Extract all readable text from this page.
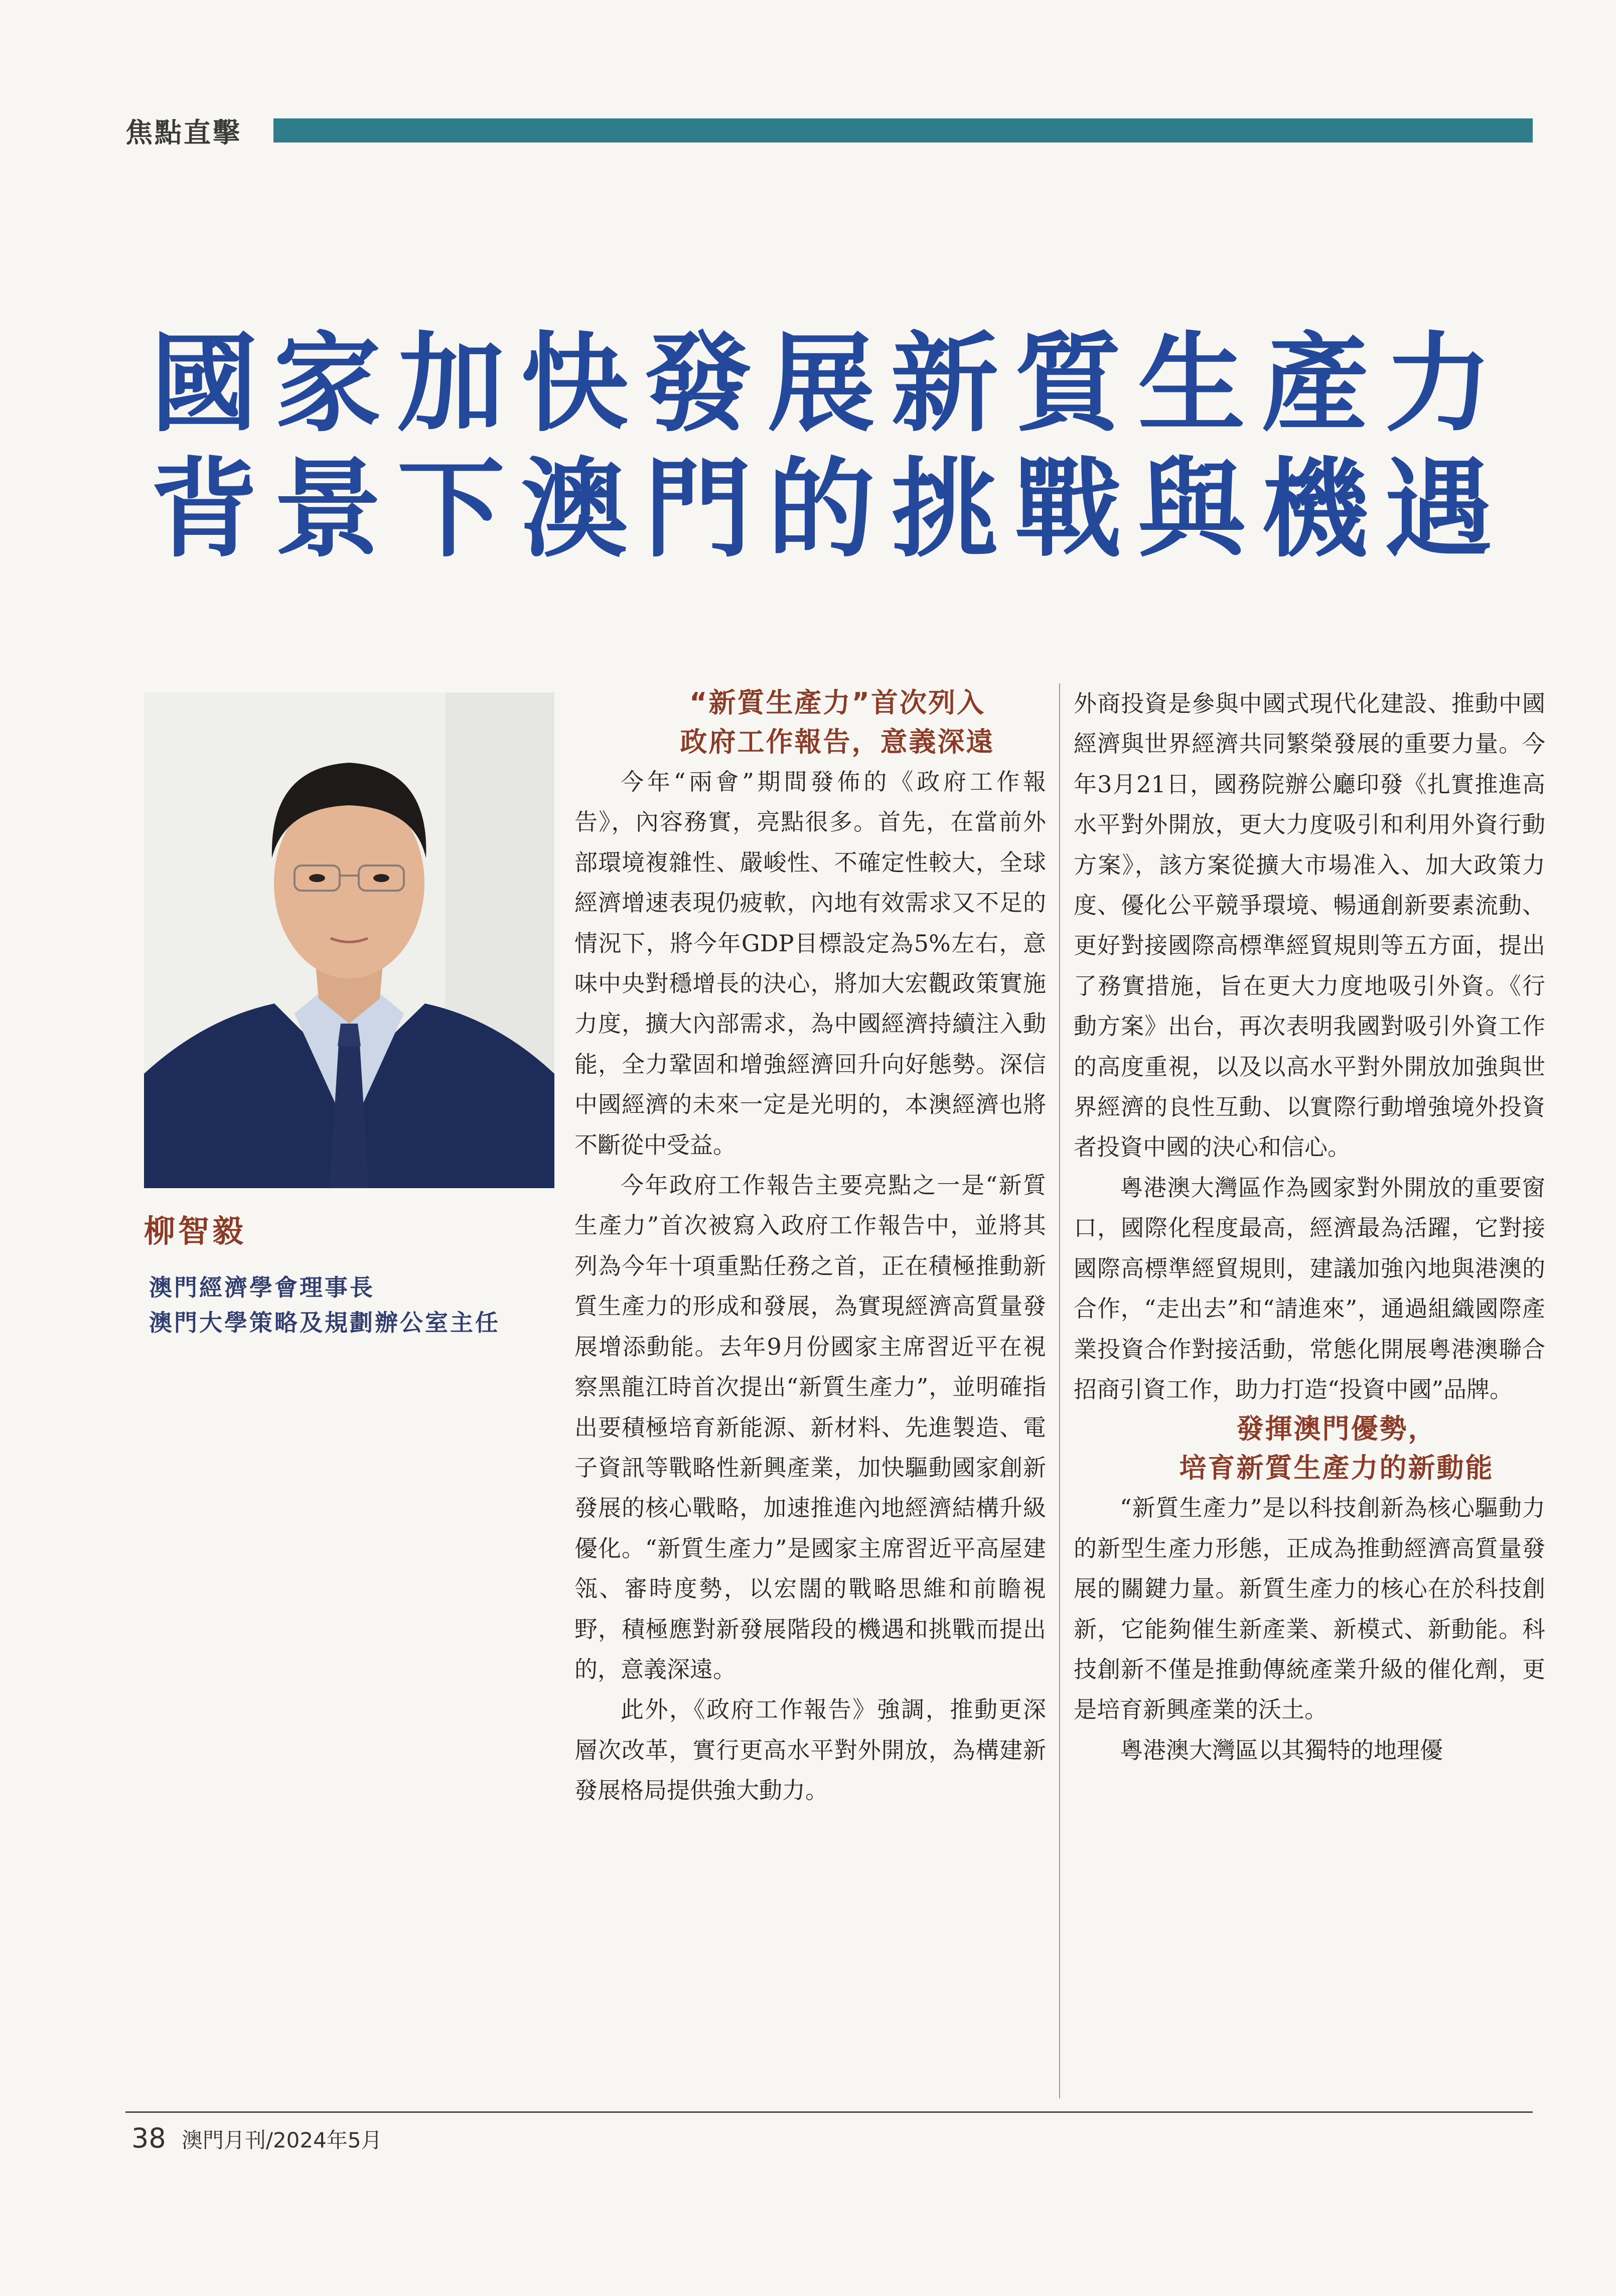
焦點直擊
國家加快發展新質生產力
背景下澳門的挑戰與機遇
柳智毅
澳門經濟學會理事長
澳門大學策略及規劃辦公室主任

“新質生產力”首次列入

政府工作報告，意義深遠

今年“兩會”期間發佈的《政府工作報告》，內容務實，亮點很多。首先，在當前外部環境複雜性、嚴峻性、不確定性較大，全球經濟增速表現仍疲軟，內地有效需求又不足的情況下，將今年GDP目標設定為5%左右，意味中央對穩增長的決心，將加大宏觀政策實施力度，擴大內部需求，為中國經濟持續注入動能，全力鞏固和增強經濟回升向好態勢。深信中國經濟的未來一定是光明的，本澳經濟也將不斷從中受益。

今年政府工作報告主要亮點之一是“新質生產力”首次被寫入政府工作報告中，並將其列為今年十項重點任務之首，正在積極推動新質生產力的形成和發展，為實現經濟高質量發展增添動能。去年9月份國家主席習近平在視察黑龍江時首次提出“新質生產力”，並明確指出要積極培育新能源、新材料、先進製造、電子資訊等戰略性新興產業，加快驅動國家創新發展的核心戰略，加速推進內地經濟結構升級優化。“新質生產力”是國家主席習近平高屋建瓴、審時度勢，以宏闊的戰略思維和前瞻視野，積極應對新發展階段的機遇和挑戰而提出的，意義深遠。

此外，《政府工作報告》強調，推動更深層次改革，實行更高水平對外開放，為構建新發展格局提供強大動力。

外商投資是參與中國式現代化建設、推動中國經濟與世界經濟共同繁榮發展的重要力量。今年3月21日，國務院辦公廳印發《扎實推進高水平對外開放，更大力度吸引和利用外資行動方案》，該方案從擴大市場准入、加大政策力度、優化公平競爭環境、暢通創新要素流動、更好對接國際高標準經貿規則等五方面，提出了務實措施，旨在更大力度地吸引外資。《行動方案》出台，再次表明我國對吸引外資工作的高度重視，以及以高水平對外開放加強與世界經濟的良性互動、以實際行動增強境外投資者投資中國的決心和信心。

粵港澳大灣區作為國家對外開放的重要窗口，國際化程度最高，經濟最為活躍，它對接國際高標準經貿規則，建議加強內地與港澳的合作，“走出去”和“請進來”，通過組織國際產業投資合作對接活動，常態化開展粵港澳聯合招商引資工作，助力打造“投資中國”品牌。

發揮澳門優勢，

培育新質生產力的新動能

“新質生產力”是以科技創新為核心驅動力的新型生產力形態，正成為推動經濟高質量發展的關鍵力量。新質生產力的核心在於科技創新，它能夠催生新產業、新模式、新動能。科技創新不僅是推動傳統產業升級的催化劑，更是培育新興產業的沃土。

粵港澳大灣區以其獨特的地理優

38 澳門月刊/2024年5月
